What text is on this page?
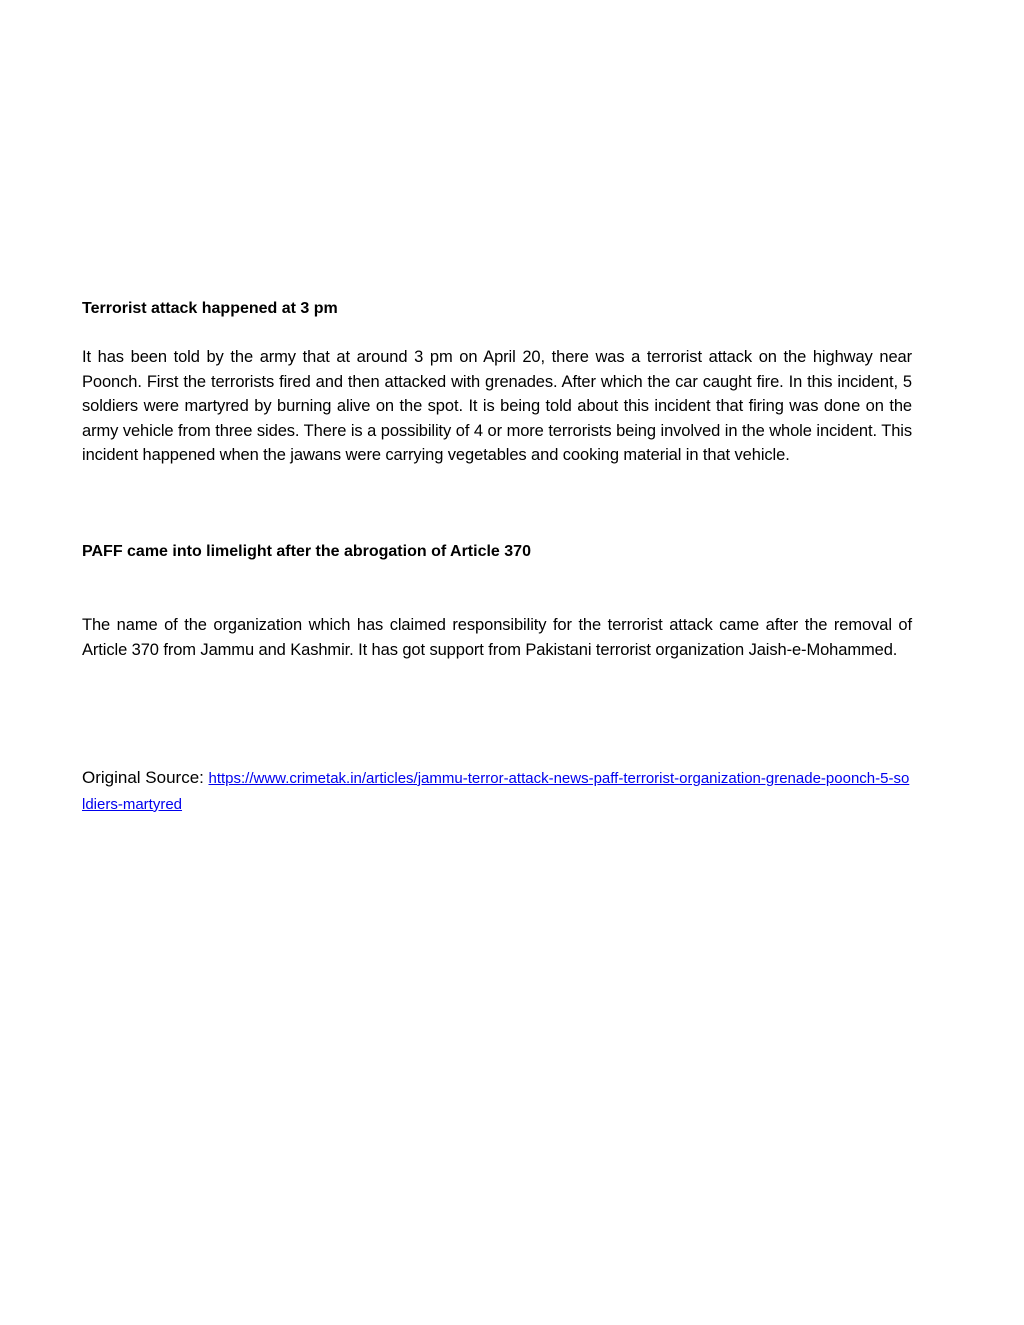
Terrorist attack happened at 3 pm

It has been told by the army that at around 3 pm on April 20, there was a terrorist attack on the highway near Poonch. First the terrorists fired and then attacked with grenades. After which the car caught fire. In this incident, 5 soldiers were martyred by burning alive on the spot. It is being told about this incident that firing was done on the army vehicle from three sides. There is a possibility of 4 or more terrorists being involved in the whole incident. This incident happened when the jawans were carrying vegetables and cooking material in that vehicle.

PAFF came into limelight after the abrogation of Article 370

The name of the organization which has claimed responsibility for the terrorist attack came after the removal of Article 370 from Jammu and Kashmir. It has got support from Pakistani terrorist organization Jaish-e-Mohammed.

Original Source: https://www.crimetak.in/articles/jammu-terror-attack-news-paff-terrorist-organization-grenade-poonch-5-soldiers-martyred
